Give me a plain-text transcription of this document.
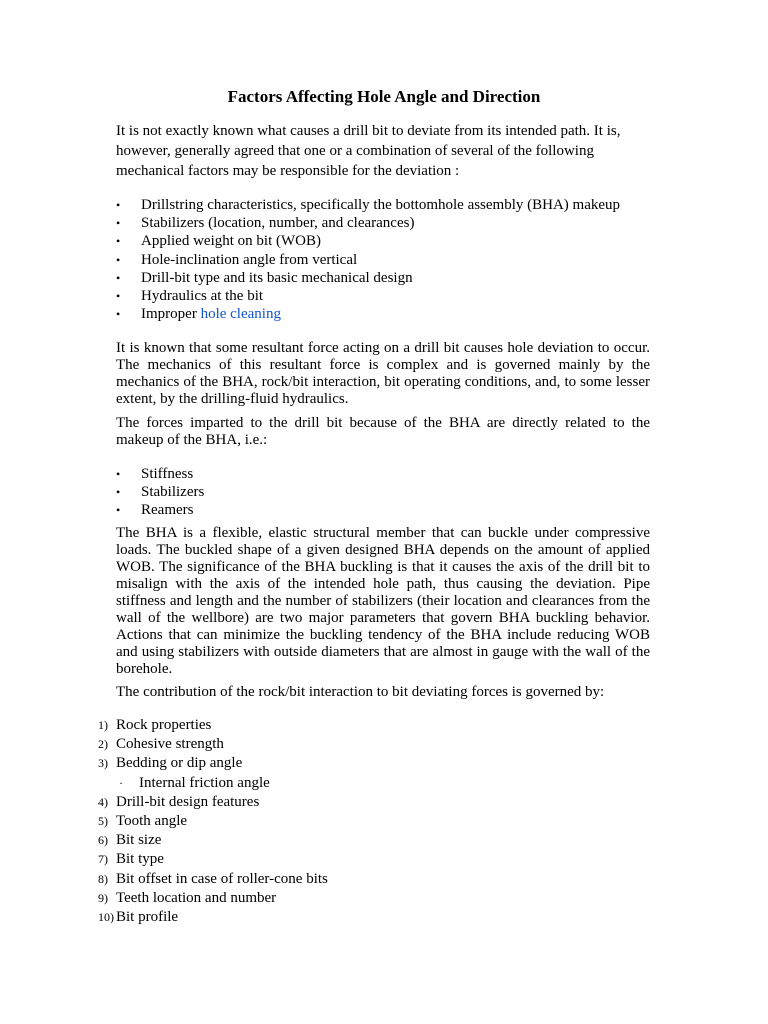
Factors Affecting Hole Angle and Direction

It is not exactly known what causes a drill bit to deviate from its intended path. It is, however, generally agreed that one or a combination of several of the following mechanical factors may be responsible for the deviation :

• Drillstring characteristics, specifically the bottomhole assembly (BHA) makeup
• Stabilizers (location, number, and clearances)
• Applied weight on bit (WOB)
• Hole-inclination angle from vertical
• Drill-bit type and its basic mechanical design
• Hydraulics at the bit
• Improper hole cleaning

It is known that some resultant force acting on a drill bit causes hole deviation to occur. The mechanics of this resultant force is complex and is governed mainly by the mechanics of the BHA, rock/bit interaction, bit operating conditions, and, to some lesser extent, by the drilling-fluid hydraulics.

The forces imparted to the drill bit because of the BHA are directly related to the makeup of the BHA, i.e.:

• Stiffness
• Stabilizers
• Reamers

The BHA is a flexible, elastic structural member that can buckle under compressive loads. The buckled shape of a given designed BHA depends on the amount of applied WOB. The significance of the BHA buckling is that it causes the axis of the drill bit to misalign with the axis of the intended hole path, thus causing the deviation. Pipe stiffness and length and the number of stabilizers (their location and clearances from the wall of the wellbore) are two major parameters that govern BHA buckling behavior. Actions that can minimize the buckling tendency of the BHA include reducing WOB and using stabilizers with outside diameters that are almost in gauge with the wall of the borehole.

The contribution of the rock/bit interaction to bit deviating forces is governed by:

1) Rock properties
2) Cohesive strength
3) Bedding or dip angle
· Internal friction angle
4) Drill-bit design features
5) Tooth angle
6) Bit size
7) Bit type
8) Bit offset in case of roller-cone bits
9) Teeth location and number
10) Bit profile
